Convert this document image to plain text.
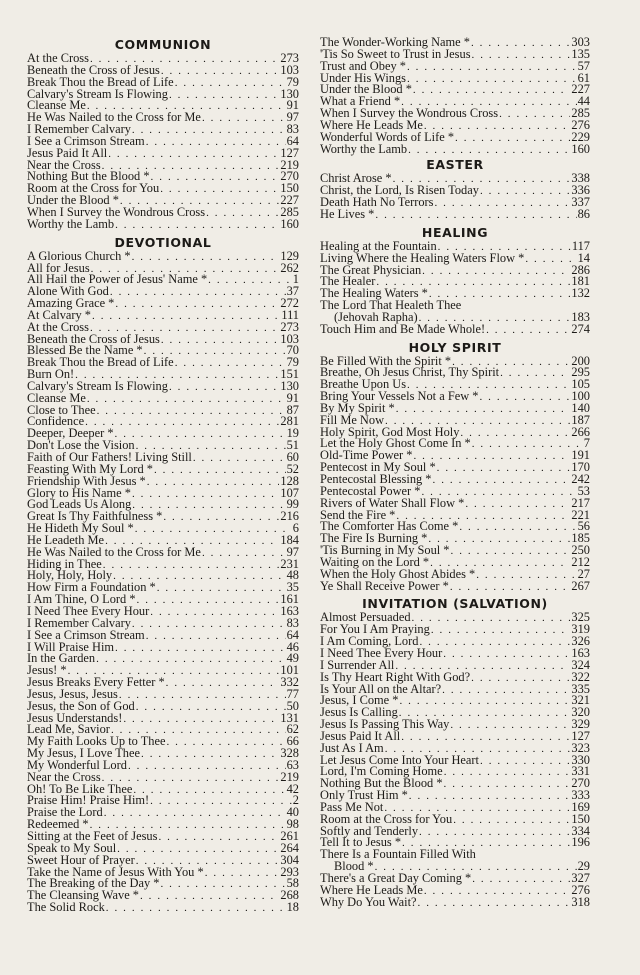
COMMUNION
At the Cross . . .	273
Beneath the Cross of Jesus . . .	103
Break Thou the Bread of Life . . .	79
Calvary's Stream Is Flowing . . .	130
Cleanse Me . . .	91
He Was Nailed to the Cross for Me . . .	97
I Remember Calvary . . .	83
I See a Crimson Stream . . .	64
Jesus Paid It All . . .	127
Near the Cross . . .	219
Nothing But the Blood * . . .	270
Room at the Cross for You . . .	150
Under the Blood * . . .	227
When I Survey the Wondrous Cross . . .	285
Worthy the Lamb . . .	160
DEVOTIONAL
A Glorious Church * . . .	129
All for Jesus . . .	262
All Hail the Power of Jesus' Name * . . .	1
Alone With God . . .	37
Amazing Grace * . . .	272
At Calvary * . . .	111
At the Cross . . .	273
Beneath the Cross of Jesus . . .	103
Blessed Be the Name * . . .	70
Break Thou the Bread of Life . . .	79
Burn On! . . .	151
Calvary's Stream Is Flowing . . .	130
Cleanse Me . . .	91
Close to Thee . . .	87
Confidence . . .	281
Deeper, Deeper * . . .	19
Don't Lose the Vision . . .	51
Faith of Our Fathers! Living Still . . .	60
Feasting With My Lord * . . .	52
Friendship With Jesus * . . .	128
Glory to His Name * . . .	107
God Leads Us Along . . .	99
Great Is Thy Faithfulness * . . .	216
He Hideth My Soul * . . .	6
He Leadeth Me . . .	184
He Was Nailed to the Cross for Me . . .	97
Hiding in Thee . . .	231
Holy, Holy, Holy . . .	48
How Firm a Foundation * . . .	35
I Am Thine, O Lord * . . .	161
I Need Thee Every Hour . . .	163
I Remember Calvary . . .	83
I See a Crimson Stream . . .	64
I Will Praise Him . . .	46
In the Garden . . .	49
Jesus! * . . .	101
Jesus Breaks Every Fetter * . . .	332
Jesus, Jesus, Jesus . . .	77
Jesus, the Son of God . . .	50
Jesus Understands! . . .	131
Lead Me, Savior . . .	62
My Faith Looks Up to Thee . . .	66
My Jesus, I Love Thee . . .	328
My Wonderful Lord . . .	63
Near the Cross . . .	219
Oh! To Be Like Thee . . .	42
Praise Him! Praise Him! . . .	2
Praise the Lord . . .	40
Redeemed * . . .	98
Sitting at the Feet of Jesus . . .	261
Speak to My Soul . . .	264
Sweet Hour of Prayer . . .	304
Take the Name of Jesus With You * . . .	293
The Breaking of the Day * . . .	58
The Cleansing Wave * . . .	268
The Solid Rock . . .	18
The Wonder-Working Name * . . .	303
'Tis So Sweet to Trust in Jesus . . .	135
Trust and Obey * . . .	57
Under His Wings . . .	61
Under the Blood * . . .	227
What a Friend * . . .	44
When I Survey the Wondrous Cross . . .	285
Where He Leads Me . . .	276
Wonderful Words of Life * . . .	229
Worthy the Lamb . . .	160
EASTER
Christ Arose * . . .	338
Christ, the Lord, Is Risen Today . . .	336
Death Hath No Terrors . . .	337
He Lives * . . .	86
HEALING
Healing at the Fountain . . .	117
Living Where the Healing Waters Flow * . . .	14
The Great Physician . . .	286
The Healer . . .	181
The Healing Waters * . . .	132
The Lord That Healeth Thee
(Jehovah Rapha) . . .	183
Touch Him and Be Made Whole! . . .	274
HOLY SPIRIT
Be Filled With the Spirit * . . .	200
Breathe, Oh Jesus Christ, Thy Spirit . . .	295
Breathe Upon Us . . .	105
Bring Your Vessels Not a Few * . . .	100
By My Spirit * . . .	140
Fill Me Now . . .	187
Holy Spirit, God Most Holy . . .	266
Let the Holy Ghost Come In * . . .	7
Old-Time Power * . . .	191
Pentecost in My Soul * . . .	170
Pentecostal Blessing * . . .	242
Pentecostal Power * . . .	53
Rivers of Water Shall Flow * . . .	217
Send the Fire * . . .	221
The Comforter Has Come * . . .	56
The Fire Is Burning * . . .	185
'Tis Burning in My Soul * . . .	250
Waiting on the Lord * . . .	212
When the Holy Ghost Abides * . . .	27
Ye Shall Receive Power * . . .	267
INVITATION (SALVATION)
Almost Persuaded . . .	325
For You I Am Praying . . .	319
I Am Coming, Lord . . .	326
I Need Thee Every Hour . . .	163
I Surrender All . . .	324
Is Thy Heart Right With God? . . .	322
Is Your All on the Altar? . . .	335
Jesus, I Come * . . .	321
Jesus Is Calling . . .	320
Jesus Is Passing This Way . . .	329
Jesus Paid It All . . .	127
Just As I Am . . .	323
Let Jesus Come Into Your Heart . . .	330
Lord, I'm Coming Home . . .	331
Nothing But the Blood * . . .	270
Only Trust Him * . . .	333
Pass Me Not . . .	169
Room at the Cross for You . . .	150
Softly and Tenderly . . .	334
Tell It to Jesus * . . .	196
There Is a Fountain Filled With
Blood * . . .	29
There's a Great Day Coming * . . .	327
Where He Leads Me . . .	276
Why Do You Wait? . . .	318
